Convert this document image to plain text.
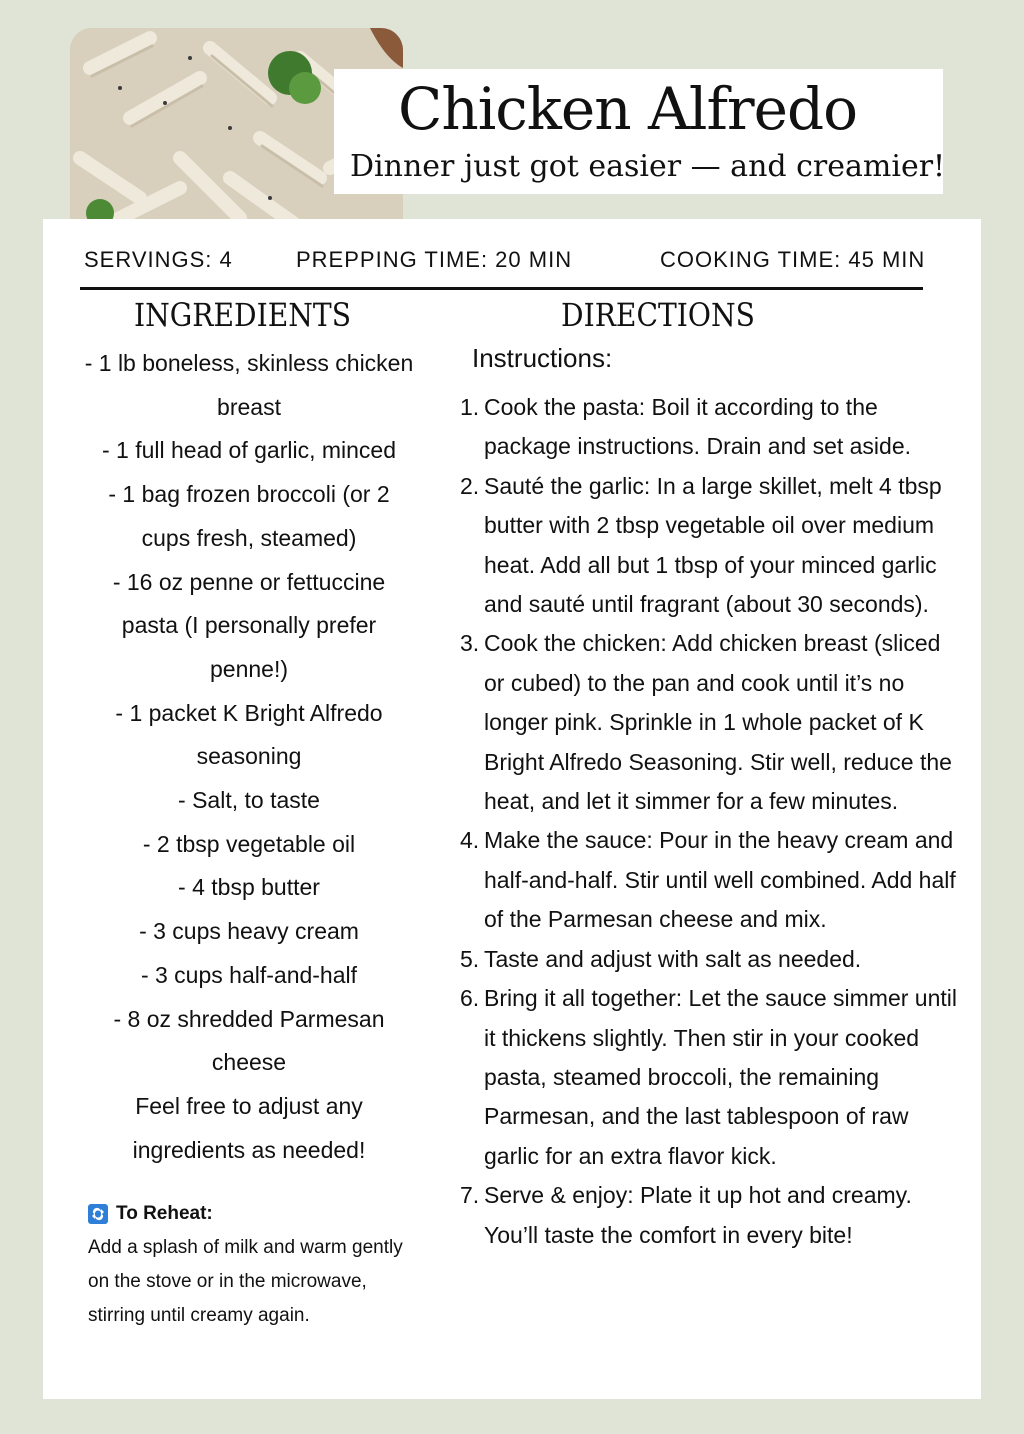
Chicken Alfredo

Dinner just got easier — and creamier!

SERVINGS: 4	PREPPING TIME: 20 MIN	COOKING TIME: 45 MIN
INGREDIENTS	DIRECTIONS
- 1 lb boneless, skinless chicken
breast
- 1 full head of garlic, minced
- 1 bag frozen broccoli (or 2
cups fresh, steamed)
- 16 oz penne or fettuccine
pasta (I personally prefer
penne!)
- 1 packet K Bright Alfredo
seasoning
- Salt, to taste
- 2 tbsp vegetable oil
- 4 tbsp butter
- 3 cups heavy cream
- 3 cups half-and-half
- 8 oz shredded Parmesan
cheese
Feel free to adjust any
ingredients as needed!
To Reheat:
Add a splash of milk and warm gently on the stove or in the microwave, stirring until creamy again.
Instructions:
1. Cook the pasta: Boil it according to the package instructions. Drain and set aside.
2. Sauté the garlic: In a large skillet, melt 4 tbsp butter with 2 tbsp vegetable oil over medium heat. Add all but 1 tbsp of your minced garlic and sauté until fragrant (about 30 seconds).
3. Cook the chicken: Add chicken breast (sliced or cubed) to the pan and cook until it’s no longer pink. Sprinkle in 1 whole packet of K Bright Alfredo Seasoning. Stir well, reduce the heat, and let it simmer for a few minutes.
4. Make the sauce: Pour in the heavy cream and half-and-half. Stir until well combined. Add half of the Parmesan cheese and mix.
5. Taste and adjust with salt as needed.
6. Bring it all together: Let the sauce simmer until it thickens slightly. Then stir in your cooked pasta, steamed broccoli, the remaining Parmesan, and the last tablespoon of raw garlic for an extra flavor kick.
7. Serve & enjoy: Plate it up hot and creamy. You’ll taste the comfort in every bite!
